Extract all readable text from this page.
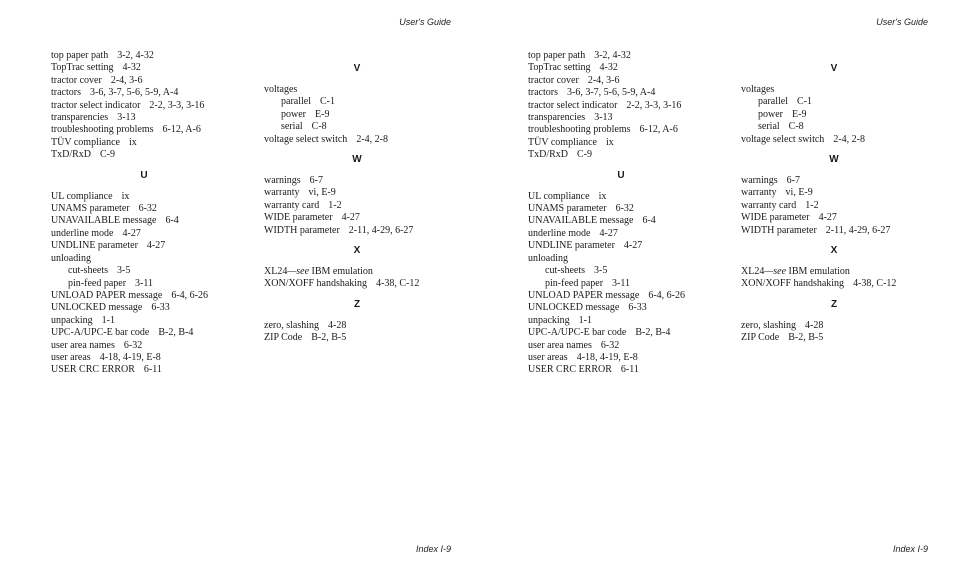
User's Guide
top paper path 3-2, 4-32
TopTrac setting 4-32
tractor cover 2-4, 3-6
tractors 3-6, 3-7, 5-6, 5-9, A-4
tractor select indicator 2-2, 3-3, 3-16
transparencies 3-13
troubleshooting problems 6-12, A-6
TÜV compliance ix
TxD/RxD C-9
U
UL compliance ix
UNAMS parameter 6-32
UNAVAILABLE message 6-4
underline mode 4-27
UNDLINE parameter 4-27
unloading
cut-sheets 3-5
pin-feed paper 3-11
UNLOAD PAPER message 6-4, 6-26
UNLOCKED message 6-33
unpacking 1-1
UPC-A/UPC-E bar code B-2, B-4
user area names 6-32
user areas 4-18, 4-19, E-8
USER CRC ERROR 6-11
V
voltages
parallel C-1
power E-9
serial C-8
voltage select switch 2-4, 2-8
W
warnings 6-7
warranty vi, E-9
warranty card 1-2
WIDE parameter 4-27
WIDTH parameter 2-11, 4-29, 6-27
X
XL24—see IBM emulation
XON/XOFF handshaking 4-38, C-12
Z
zero, slashing 4-28
ZIP Code B-2, B-5
Index I-9
User's Guide
top paper path 3-2, 4-32
TopTrac setting 4-32
tractor cover 2-4, 3-6
tractors 3-6, 3-7, 5-6, 5-9, A-4
tractor select indicator 2-2, 3-3, 3-16
transparencies 3-13
troubleshooting problems 6-12, A-6
TÜV compliance ix
TxD/RxD C-9
U
UL compliance ix
UNAMS parameter 6-32
UNAVAILABLE message 6-4
underline mode 4-27
UNDLINE parameter 4-27
unloading
cut-sheets 3-5
pin-feed paper 3-11
UNLOAD PAPER message 6-4, 6-26
UNLOCKED message 6-33
unpacking 1-1
UPC-A/UPC-E bar code B-2, B-4
user area names 6-32
user areas 4-18, 4-19, E-8
USER CRC ERROR 6-11
V
voltages
parallel C-1
power E-9
serial C-8
voltage select switch 2-4, 2-8
W
warnings 6-7
warranty vi, E-9
warranty card 1-2
WIDE parameter 4-27
WIDTH parameter 2-11, 4-29, 6-27
X
XL24—see IBM emulation
XON/XOFF handshaking 4-38, C-12
Z
zero, slashing 4-28
ZIP Code B-2, B-5
Index I-9
